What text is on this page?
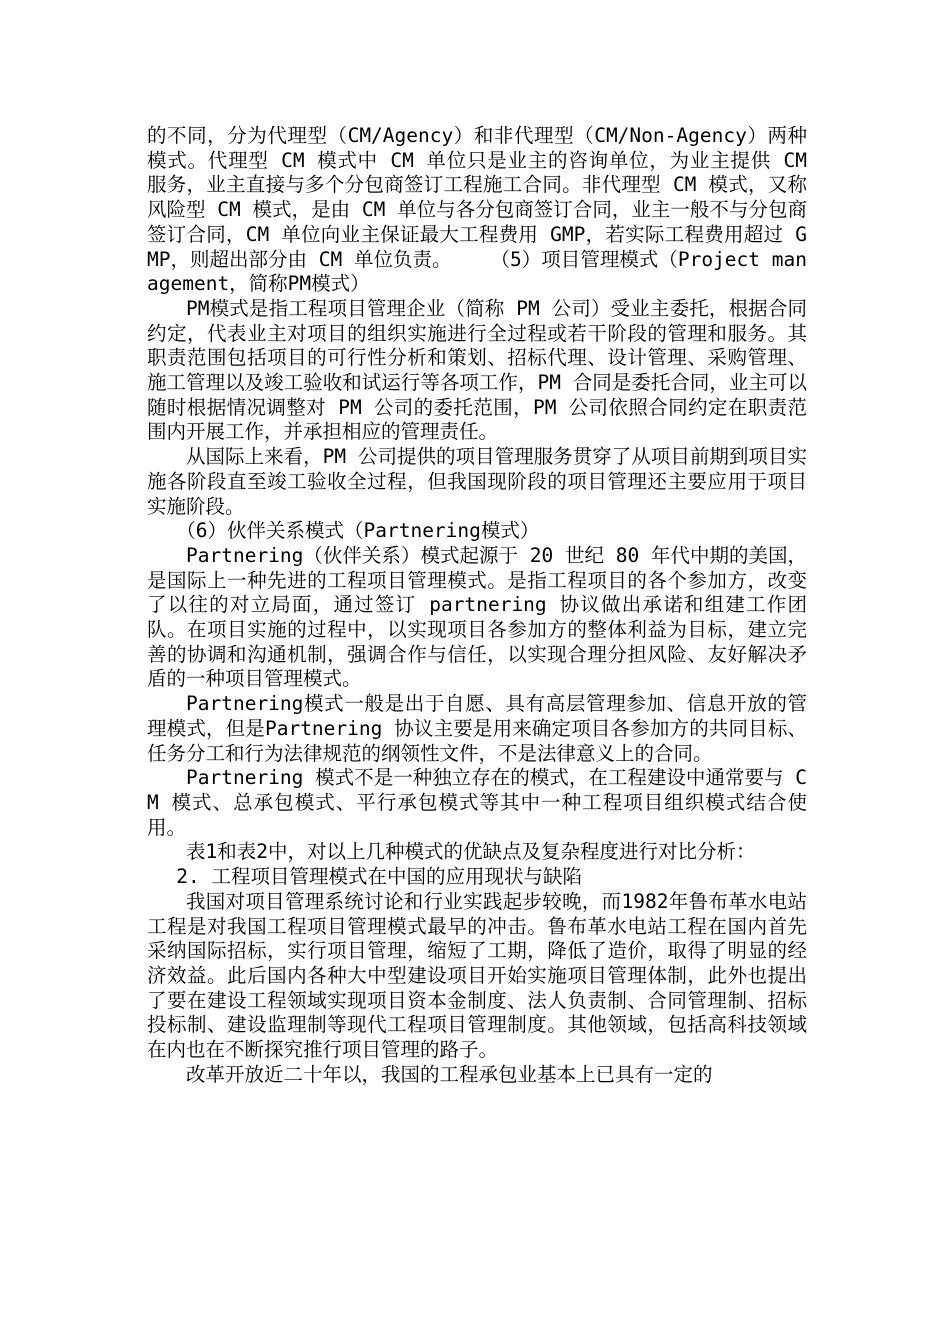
的不同，分为代理型（CM/Agency）和非代理型（CM/Non-Agency）两种模式。代理型 CM 模式中 CM 单位只是业主的咨询单位，为业主提供 CM 服务，业主直接与多个分包商签订工程施工合同。非代理型 CM 模式，又称风险型 CM 模式，是由 CM 单位与各分包商签订合同，业主一般不与分包商签订合同，CM 单位向业主保证最大工程费用 GMP，若实际工程费用超过 GMP，则超出部分由 CM 单位负责。　　　（5）项目管理模式（Project management，简称PM模式）

PM模式是指工程项目管理企业（简称 PM 公司）受业主委托，根据合同约定，代表业主对项目的组织实施进行全过程或若干阶段的管理和服务。其职责范围包括项目的可行性分析和策划、招标代理、设计管理、采购管理、施工管理以及竣工验收和试运行等各项工作，PM 合同是委托合同，业主可以随时根据情况调整对 PM 公司的委托范围，PM 公司依照合同约定在职责范围内开展工作，并承担相应的管理责任。

从国际上来看，PM 公司提供的项目管理服务贯穿了从项目前期到项目实施各阶段直至竣工验收全过程，但我国现阶段的项目管理还主要应用于项目实施阶段。

（6）伙伴关系模式（Partnering模式）

Partnering（伙伴关系）模式起源于 20 世纪 80 年代中期的美国，是国际上一种先进的工程项目管理模式。是指工程项目的各个参加方，改变了以往的对立局面，通过签订 partnering 协议做出承诺和组建工作团队。在项目实施的过程中，以实现项目各参加方的整体利益为目标，建立完善的协调和沟通机制，强调合作与信任，以实现合理分担风险、友好解决矛盾的一种项目管理模式。

Partnering模式一般是出于自愿、具有高层管理参加、信息开放的管理模式，但是Partnering 协议主要是用来确定项目各参加方的共同目标、任务分工和行为法律规范的纲领性文件，不是法律意义上的合同。

Partnering 模式不是一种独立存在的模式，在工程建设中通常要与 CM 模式、总承包模式、平行承包模式等其中一种工程项目组织模式结合使用。

表1和表2中，对以上几种模式的优缺点及复杂程度进行对比分析：

2. 工程项目管理模式在中国的应用现状与缺陷

我国对项目管理系统讨论和行业实践起步较晚，而1982年鲁布革水电站工程是对我国工程项目管理模式最早的冲击。鲁布革水电站工程在国内首先采纳国际招标，实行项目管理，缩短了工期，降低了造价，取得了明显的经济效益。此后国内各种大中型建设项目开始实施项目管理体制，此外也提出了要在建设工程领域实现项目资本金制度、法人负责制、合同管理制、招标投标制、建设监理制等现代工程项目管理制度。其他领域，包括高科技领域在内也在不断探究推行项目管理的路子。

改革开放近二十年以，我国的工程承包业基本上已具有一定的
